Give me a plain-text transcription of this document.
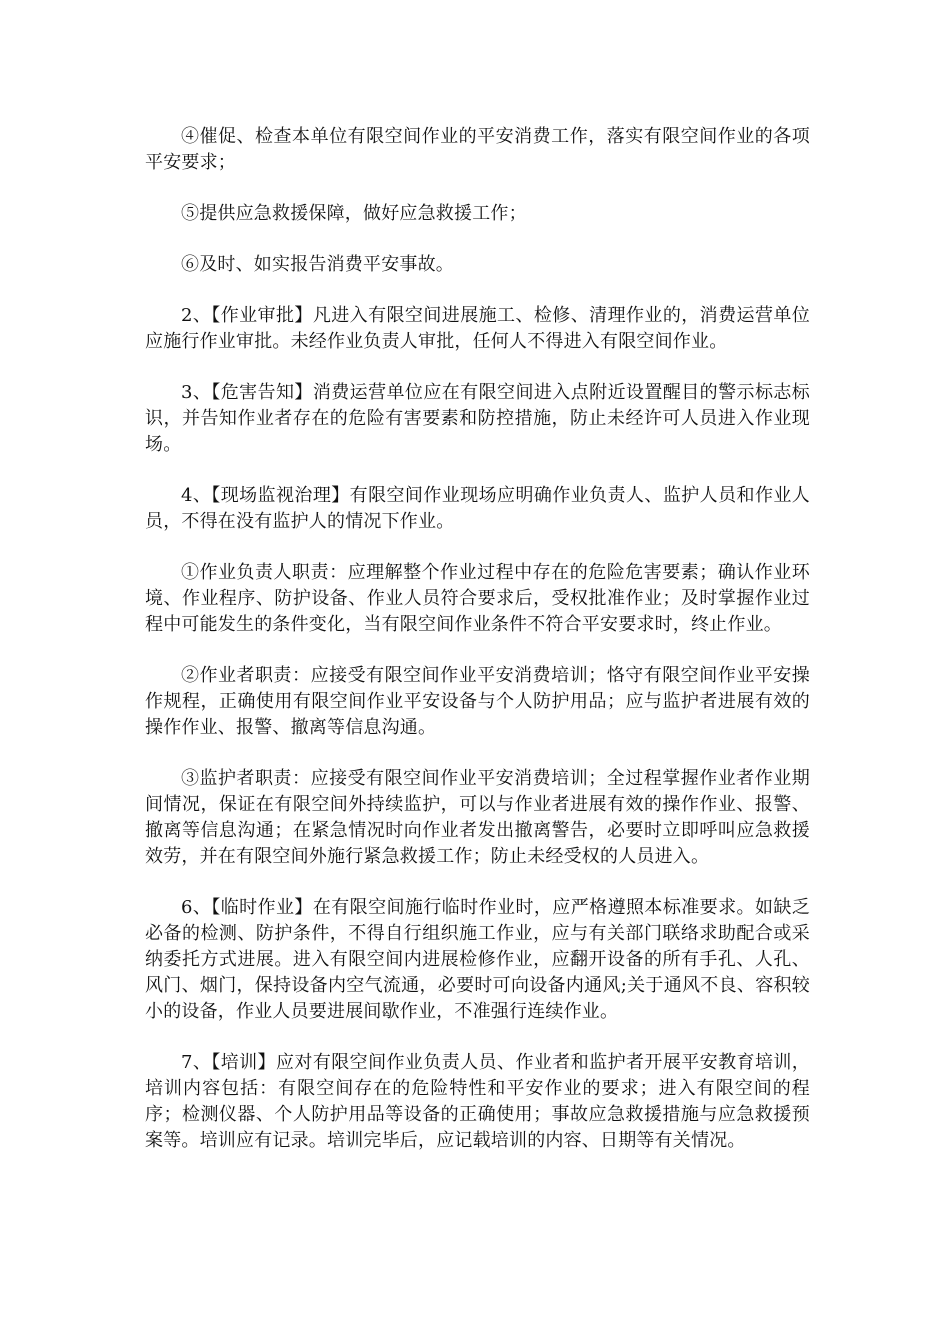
④催促、检查本单位有限空间作业的平安消费工作，落实有限空间作业的各项平安要求；

⑤提供应急救援保障，做好应急救援工作；

⑥及时、如实报告消费平安事故。

2、【作业审批】凡进入有限空间进展施工、检修、清理作业的，消费运营单位应施行作业审批。未经作业负责人审批，任何人不得进入有限空间作业。

3、【危害告知】消费运营单位应在有限空间进入点附近设置醒目的警示标志标识，并告知作业者存在的危险有害要素和防控措施，防止未经许可人员进入作业现场。

4、【现场监视治理】有限空间作业现场应明确作业负责人、监护人员和作业人员，不得在没有监护人的情况下作业。

①作业负责人职责：应理解整个作业过程中存在的危险危害要素；确认作业环境、作业程序、防护设备、作业人员符合要求后，受权批准作业；及时掌握作业过程中可能发生的条件变化，当有限空间作业条件不符合平安要求时，终止作业。

②作业者职责：应接受有限空间作业平安消费培训；恪守有限空间作业平安操作规程，正确使用有限空间作业平安设备与个人防护用品；应与监护者进展有效的操作作业、报警、撤离等信息沟通。

③监护者职责：应接受有限空间作业平安消费培训；全过程掌握作业者作业期间情况，保证在有限空间外持续监护，可以与作业者进展有效的操作作业、报警、撤离等信息沟通；在紧急情况时向作业者发出撤离警告，必要时立即呼叫应急救援效劳，并在有限空间外施行紧急救援工作；防止未经受权的人员进入。

6、【临时作业】在有限空间施行临时作业时，应严格遵照本标准要求。如缺乏必备的检测、防护条件，不得自行组织施工作业，应与有关部门联络求助配合或采纳委托方式进展。进入有限空间内进展检修作业，应翻开设备的所有手孔、人孔、风门、烟门，保持设备内空气流通，必要时可向设备内通风;关于通风不良、容积较小的设备，作业人员要进展间歇作业，不准强行连续作业。

7、【培训】应对有限空间作业负责人员、作业者和监护者开展平安教育培训，培训内容包括：有限空间存在的危险特性和平安作业的要求；进入有限空间的程序；检测仪器、个人防护用品等设备的正确使用；事故应急救援措施与应急救援预案等。培训应有记录。培训完毕后，应记载培训的内容、日期等有关情况。
